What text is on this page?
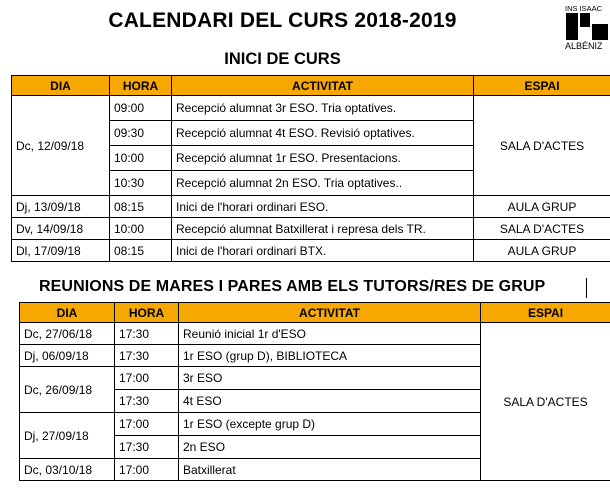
CALENDARI DEL CURS 2018-2019
INS ISAAC
ALBÉNIZ
INICI DE CURS
DIA	HORA	ACTIVITAT	ESPAI
Dc, 12/09/18	09:00	Recepció alumnat 3r ESO. Tria optatives.	SALA D'ACTES
	09:30	Recepció alumnat 4t ESO. Revisió optatives.	
	10:00	Recepció alumnat 1r ESO. Presentacions.	
	10:30	Recepció alumnat 2n ESO. Tria optatives..	
Dj, 13/09/18	08:15	Inici de l'horari ordinari ESO.	AULA GRUP
Dv, 14/09/18	10:00	Recepció alumnat Batxillerat i represa dels TR.	SALA D'ACTES
Dl, 17/09/18	08:15	Inici de l'horari ordinari BTX.	AULA GRUP
REUNIONS DE MARES I PARES AMB ELS TUTORS/RES DE GRUP
DIA	HORA	ACTIVITAT	ESPAI
Dc, 27/06/18	17:30	Reunió inicial 1r d'ESO	SALA D'ACTES
Dj, 06/09/18	17:30	1r ESO (grup D), BIBLIOTECA	
Dc, 26/09/18	17:00	3r ESO	
	17:30	4t ESO	
Dj, 27/09/18	17:00	1r ESO (excepte grup D)	
	17:30	2n ESO	
Dc, 03/10/18	17:00	Batxillerat	
